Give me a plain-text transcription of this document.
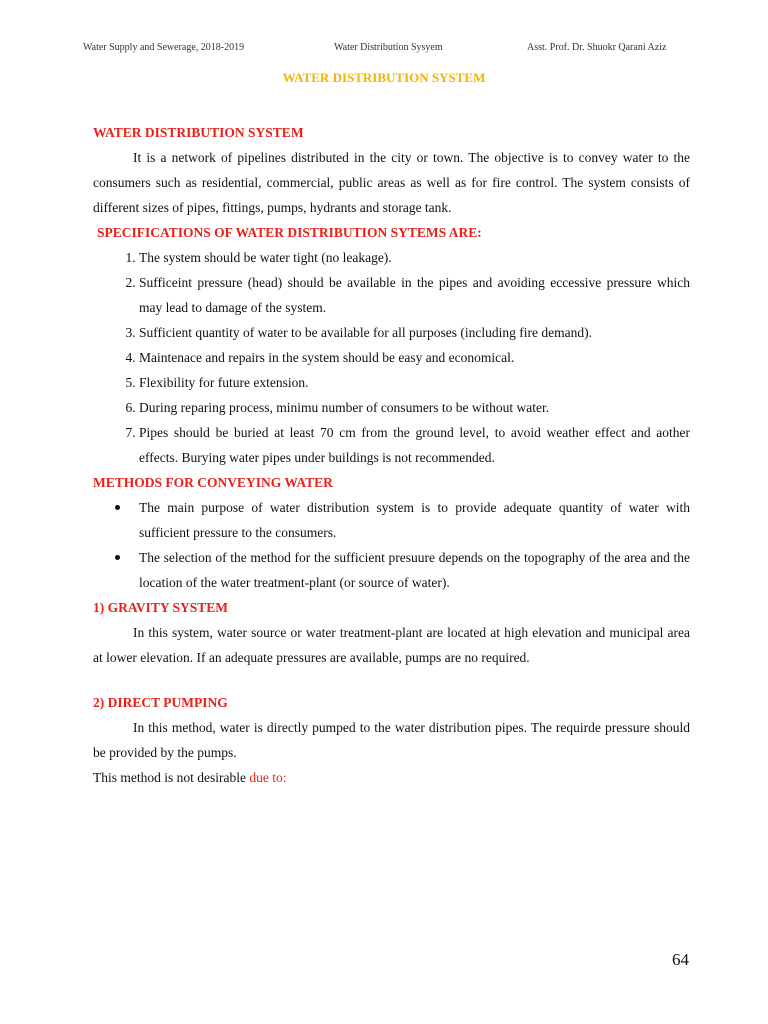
Water Supply and Sewerage, 2018-2019	Water Distribution Sysyem	Asst. Prof. Dr. Shuokr Qarani Aziz
WATER DISTRIBUTION SYSTEM
WATER DISTRIBUTION SYSTEM

It is a network of pipelines distributed in the city or town. The objective is to convey water to the consumers such as residential, commercial, public areas as well as for fire control. The system consists of different sizes of pipes, fittings, pumps, hydrants and storage tank.

SPECIFICATIONS OF WATER DISTRIBUTION SYTEMS ARE:
1. The system should be water tight (no leakage).
2. Sufficeint pressure (head) should be available in the pipes and avoiding eccessive pressure which may lead to damage of the system.
3. Sufficient quantity of water to be available for all purposes (including fire demand).
4. Maintenace and repairs in the system should be easy and economical.
5. Flexibility for future extension.
6. During reparing process, minimu number of consumers to be without water.
7. Pipes should be buried at least 70 cm from the ground level, to avoid weather effect and aother effects. Burying water pipes under buildings is not recommended.
METHODS FOR CONVEYING WATER
The main purpose of water distribution system is to provide adequate quantity of water with sufficient pressure to the consumers.
The selection of the method for the sufficient presuure depends on the topography of the area and the location of the water treatment-plant (or source of water).
1) GRAVITY SYSTEM

In this system, water source or water treatment-plant are located at high elevation and municipal area at lower elevation. If an adequate pressures are available, pumps are no required.

2) DIRECT PUMPING

In this method, water is directly pumped to the water distribution pipes. The requirde pressure should be provided by the pumps.

This method is not desirable due to:

64
